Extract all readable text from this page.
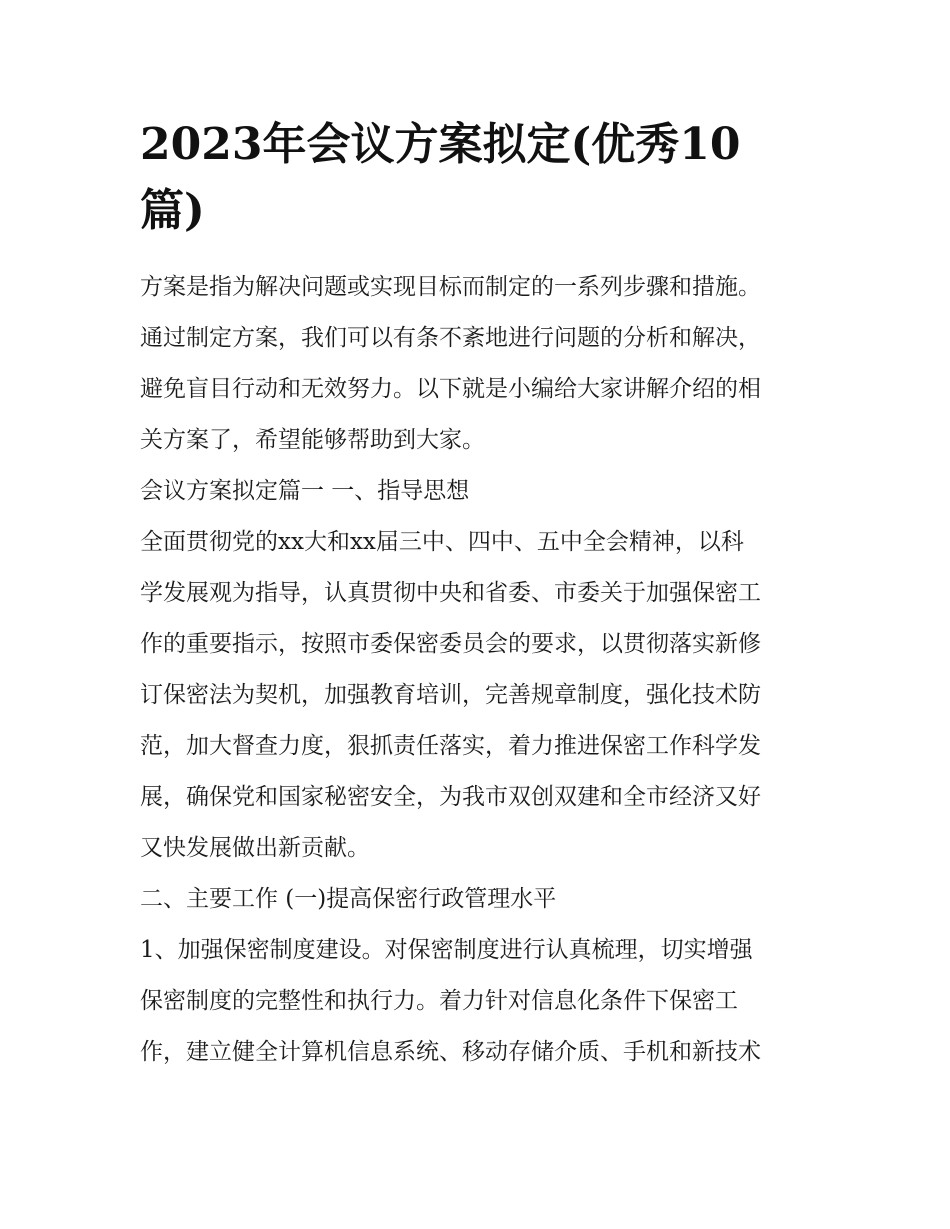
2023年会议方案拟定(优秀10
篇)
方案是指为解决问题或实现目标而制定的一系列步骤和措施。
通过制定方案，我们可以有条不紊地进行问题的分析和解决，
避免盲目行动和无效努力。以下就是小编给大家讲解介绍的相
关方案了，希望能够帮助到大家。
会议方案拟定篇一 一、指导思想
全面贯彻党的xx大和xx届三中、四中、五中全会精神，以科
学发展观为指导，认真贯彻中央和省委、市委关于加强保密工
作的重要指示，按照市委保密委员会的要求，以贯彻落实新修
订保密法为契机，加强教育培训，完善规章制度，强化技术防
范，加大督查力度，狠抓责任落实，着力推进保密工作科学发
展，确保党和国家秘密安全，为我市双创双建和全市经济又好
又快发展做出新贡献。
二、主要工作 (一)提高保密行政管理水平
1、加强保密制度建设。对保密制度进行认真梳理，切实增强
保密制度的完整性和执行力。着力针对信息化条件下保密工
作，建立健全计算机信息系统、移动存储介质、手机和新技术
